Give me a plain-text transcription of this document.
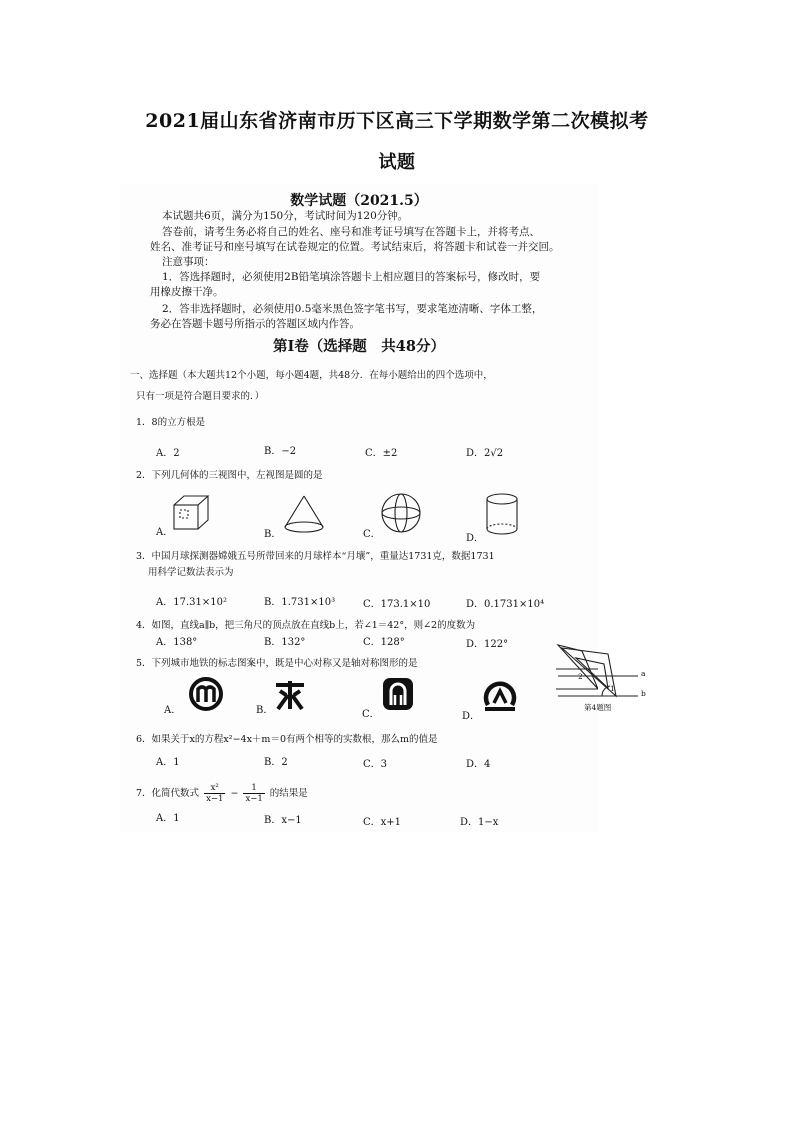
2021届山东省济南市历下区高三下学期数学第二次模拟考
试题
数学试题（2021.5）
本试题共6页，满分为150分，考试时间为120分钟。
答卷前，请考生务必将自己的姓名、座号和准考证号填写在答题卡上，并将考点、
姓名、准考证号和座号填写在试卷规定的位置。考试结束后，将答题卡和试卷一并交回。
注意事项：
1．答选择题时，必须使用2B铅笔填涂答题卡上相应题目的答案标号，修改时，要
用橡皮擦干净。
2．答非选择题时，必须使用0.5毫米黑色签字笔书写，要求笔迹清晰、字体工整，
务必在答题卡题号所指示的答题区域内作答。
第Ⅰ卷（选择题　共48分）
一、选择题（本大题共12个小题，每小题4题，共48分．在每小题给出的四个选项中，
只有一项是符合题目要求的．）
1．8的立方根是
A．2	B．−2	C．±2	D．2√2
2．下列几何体的三视图中，左视图是圆的是
A．	B．	C．	D．
3．中国月球探测器嫦娥五号所带回来的月球样本“月壤”，重量达1731克，数据1731
用科学记数法表示为
A．17.31×10²	B．1.731×10³	C．173.1×10	D．0.1731×10⁴
4．如图，直线a∥b，把三角尺的顶点放在直线b上，若∠1＝42°，则∠2的度数为
A．138°	B．132°	C．128°	D．122°
5．下列城市地铁的标志图案中，既是中心对称又是轴对称图形的是
A．	B．	C．	D．
6．如果关于x的方程x²−4x＋m＝0有两个相等的实数根，那么m的值是
A．1	B．2	C．3	D．4
7．化简代数式 $\frac{\text{x²}}{x-1} - \frac{1}{x-1}$ 的结果是
A．1	B．x−1	C．x+1	D．1−x
a
b
1
2
第4题图
